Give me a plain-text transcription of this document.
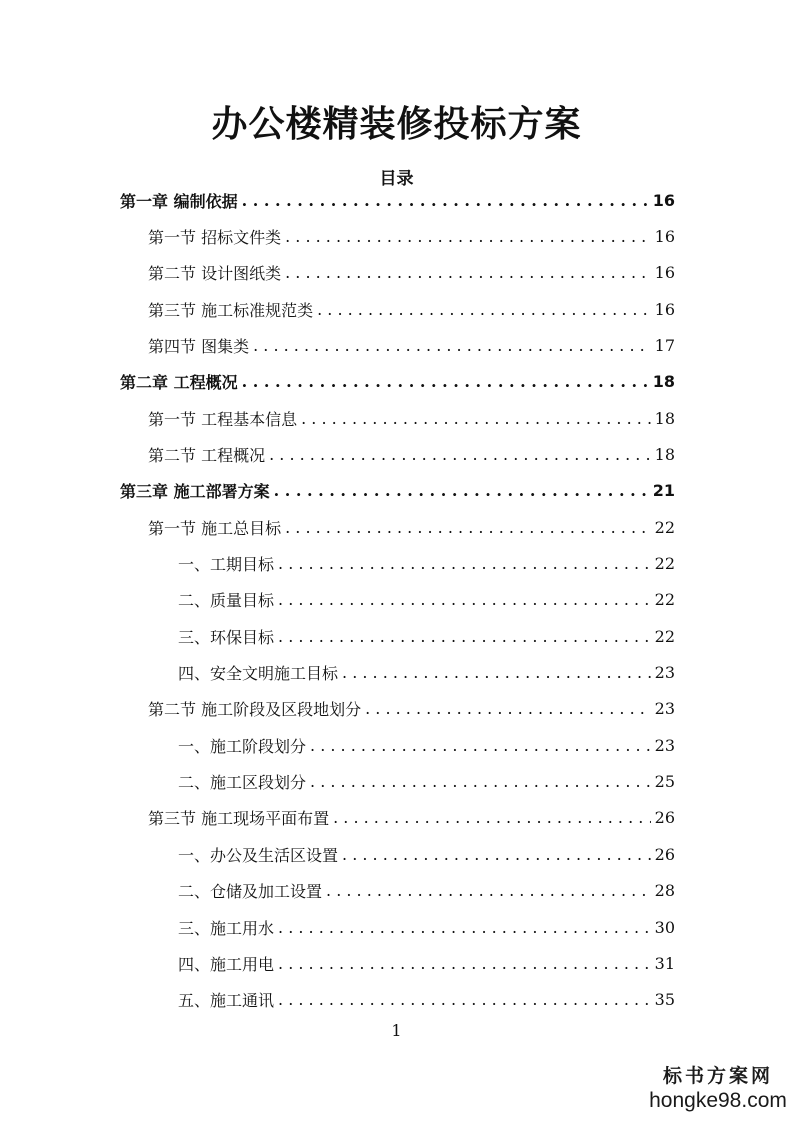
办公楼精装修投标方案
目录
第一章 编制依据 . . .	16
第一节 招标文件类 . . .	16
第二节 设计图纸类 . . .	16
第三节 施工标准规范类 . . .	16
第四节 图集类 . . .	17
第二章 工程概况 . . .	18
第一节 工程基本信息 . . .	18
第二节 工程概况 . . .	18
第三章 施工部署方案 . . .	21
第一节 施工总目标 . . .	22
一、工期目标 . . .	22
二、质量目标 . . .	22
三、环保目标 . . .	22
四、安全文明施工目标 . . .	23
第二节 施工阶段及区段地划分 . . .	23
一、施工阶段划分 . . .	23
二、施工区段划分 . . .	25
第三节 施工现场平面布置 . . .	26
一、办公及生活区设置 . . .	26
二、仓储及加工设置 . . .	28
三、施工用水 . . .	30
四、施工用电 . . .	31
五、施工通讯 . . .	35
1
标书方案网
hongke98.com
